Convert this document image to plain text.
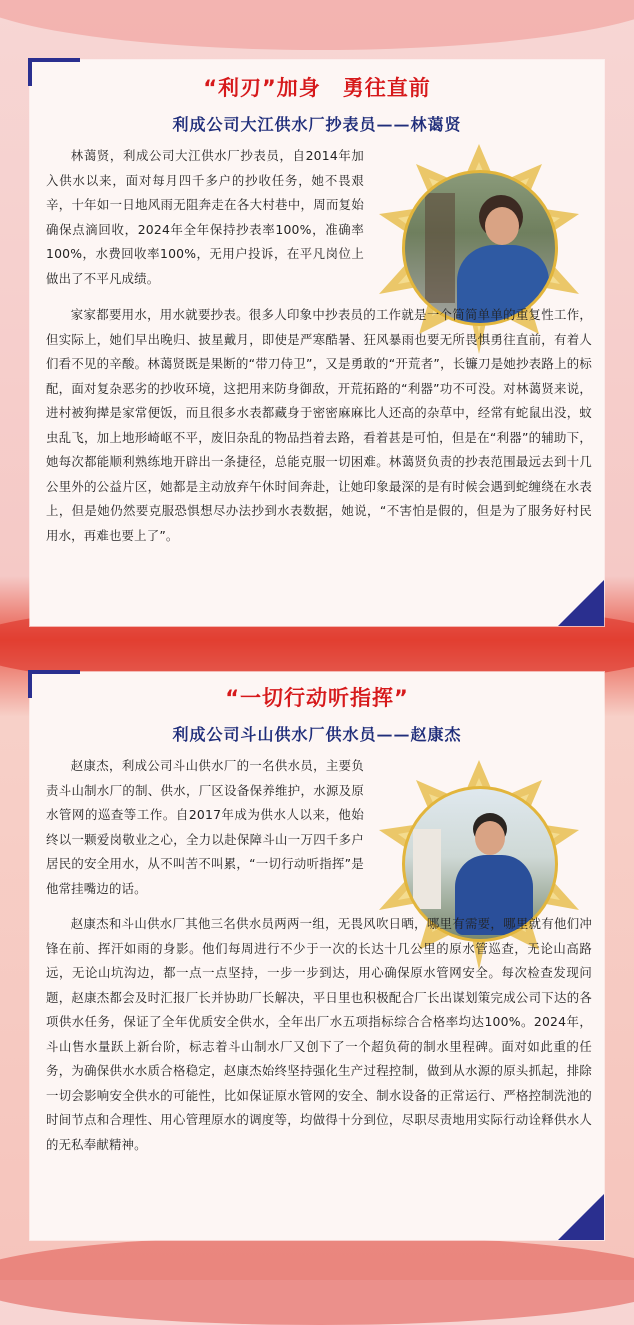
“利刃”加身　勇往直前
利成公司大江供水厂抄表员——林蔼贤

林蔼贤，利成公司大江供水厂抄表员，自2014年加入供水以来，面对每月四千多户的抄收任务，她不畏艰辛，十年如一日地风雨无阻奔走在各大村巷中，周而复始确保点滴回收，2024年全年保持抄表率100%，准确率100%，水费回收率100%，无用户投诉，在平凡岗位上做出了不平凡成绩。

家家都要用水，用水就要抄表。很多人印象中抄表员的工作就是一个简简单单的重复性工作，但实际上，她们早出晚归、披星戴月，即使是严寒酷暑、狂风暴雨也要无所畏惧勇往直前，有着人们看不见的辛酸。林蔼贤既是果断的“带刀侍卫”，又是勇敢的“开荒者”，长镰刀是她抄表路上的标配，面对复杂恶劣的抄收环境，这把用来防身御敌，开荒拓路的“利器”功不可没。对林蔼贤来说，进村被狗撵是家常便饭，而且很多水表都藏身于密密麻麻比人还高的杂草中，经常有蛇鼠出没，蚊虫乱飞，加上地形崎岖不平，废旧杂乱的物品挡着去路，看着甚是可怕，但是在“利器”的辅助下，她每次都能顺利熟练地开辟出一条捷径，总能克服一切困难。林蔼贤负责的抄表范围最远去到十几公里外的公益片区，她都是主动放弃午休时间奔赴，让她印象最深的是有时候会遇到蛇缠绕在水表上，但是她仍然要克服恐惧想尽办法抄到水表数据，她说，“不害怕是假的，但是为了服务好村民用水，再难也要上了”。

“一切行动听指挥”
利成公司斗山供水厂供水员——赵康杰

赵康杰，利成公司斗山供水厂的一名供水员，主要负责斗山制水厂的制、供水，厂区设备保养维护，水源及原水管网的巡查等工作。自2017年成为供水人以来，他始终以一颗爱岗敬业之心，全力以赴保障斗山一万四千多户居民的安全用水，从不叫苦不叫累，“一切行动听指挥”是他常挂嘴边的话。

赵康杰和斗山供水厂其他三名供水员两两一组，无畏风吹日晒，哪里有需要，哪里就有他们冲锋在前、挥汗如雨的身影。他们每周进行不少于一次的长达十几公里的原水管巡查，无论山高路远，无论山坑沟边，都一点一点坚持，一步一步到达，用心确保原水管网安全。每次检查发现问题，赵康杰都会及时汇报厂长并协助厂长解决，平日里也积极配合厂长出谋划策完成公司下达的各项供水任务，保证了全年优质安全供水，全年出厂水五项指标综合合格率均达100%。2024年，斗山售水量跃上新台阶，标志着斗山制水厂又创下了一个超负荷的制水里程碑。面对如此重的任务，为确保供水水质合格稳定，赵康杰始终坚持强化生产过程控制，做到从水源的原头抓起，排除一切会影响安全供水的可能性，比如保证原水管网的安全、制水设备的正常运行、严格控制洗池的时间节点和合理性、用心管理原水的调度等，均做得十分到位，尽职尽责地用实际行动诠释供水人的无私奉献精神。
